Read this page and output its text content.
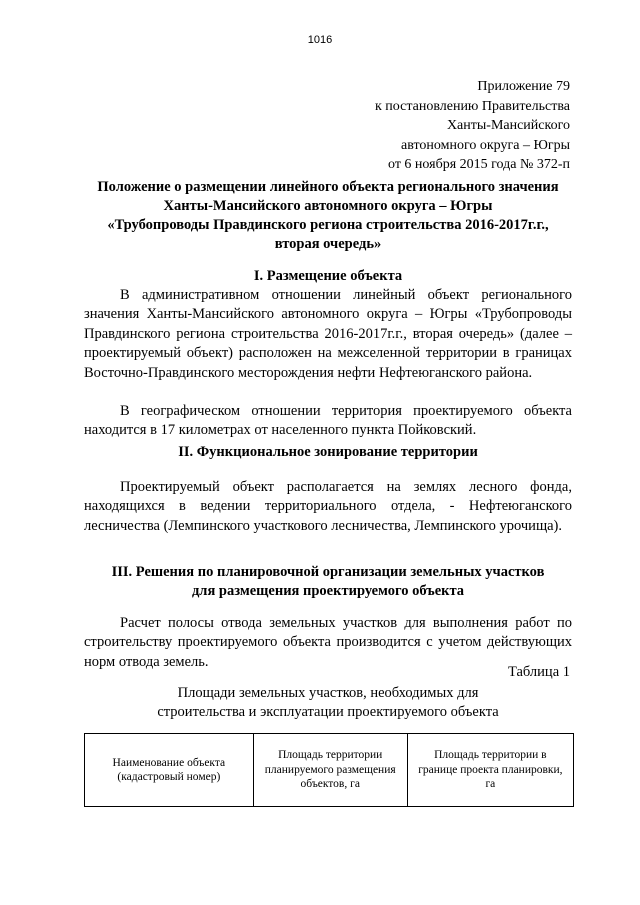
1016
Приложение 79
к постановлению Правительства
Ханты-Мансийского
автономного округа – Югры
от 6 ноября 2015 года № 372-п
Положение о размещении линейного объекта регионального значения
Ханты-Мансийского автономного округа – Югры
«Трубопроводы Правдинского региона строительства 2016-2017г.г.,
вторая очередь»
I. Размещение объекта
В административном отношении линейный объект регионального значения Ханты-Мансийского автономного округа – Югры «Трубопроводы Правдинского региона строительства 2016-2017г.г., вторая очередь» (далее – проектируемый объект) расположен на межселенной территории в границах Восточно-Правдинского месторождения нефти Нефтеюганского района.
В географическом отношении территория проектируемого объекта находится в 17 километрах от населенного пункта Пойковский.
II. Функциональное зонирование территории
Проектируемый объект располагается на землях лесного фонда, находящихся в ведении территориального отдела, - Нефтеюганского лесничества (Лемпинского участкового лесничества, Лемпинского урочища).
III. Решения по планировочной организации земельных участков
для размещения проектируемого объекта
Расчет полосы отвода земельных участков для выполнения работ по строительству проектируемого объекта производится с учетом действующих норм отвода земель.
Таблица 1
Площади земельных участков, необходимых для
строительства и эксплуатации проектируемого объекта
Наименование объекта (кадастровый номер)	Площадь территории планируемого размещения объектов, га	Площадь территории в границе проекта планировки, га
